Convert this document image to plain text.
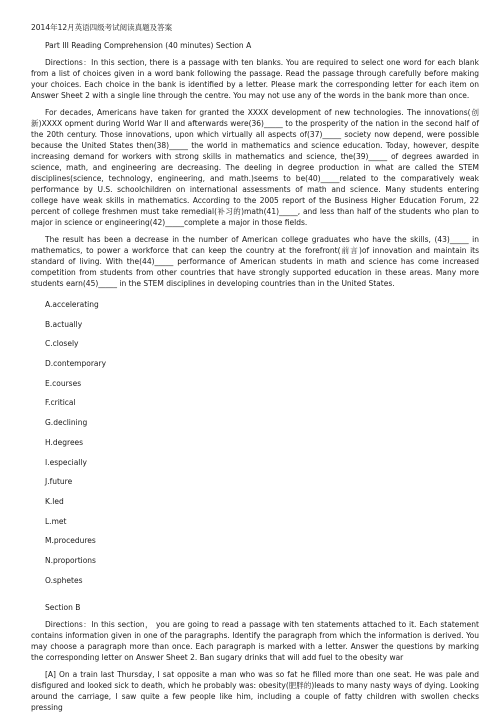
2014年12月英语四级考试阅读真题及答案

Part III Reading Comprehension (40 minutes) Section A

Directions：In this section, there is a passage with ten blanks. You are required to select one word for each blank from a list of choices given in a word bank following the passage. Read the passage through carefully before making your choices. Each choice in the bank is identified by a letter. Please mark the corresponding letter for each item on Answer Sheet 2 with a single line through the centre. You may not use any of the words in the bank more than once.

For decades, Americans have taken for granted the XXXX development of new technologies. The innovations(创新)XXXX opment during World War II and afterwards were(36)_____ to the prosperity of the nation in the second half of the 20th century. Those innovations, upon which virtually all aspects of(37)_____ society now depend, were possible because the United States then(38)_____ the world in mathematics and science education. Today, however, despite increasing demand for workers with strong skills in mathematics and science, the(39)_____ of degrees awarded in science, math, and engineering are decreasing. The deeling in degree production in what are called the STEM disciplines(science, technology, engineering, and math.)seems to be(40)_____related to the comparatively weak performance by U.S. schoolchildren on international assessments of math and science. Many students entering college have weak skills in mathematics. According to the 2005 report of the Business Higher Education Forum, 22 percent of college freshmen must take remedial(补习的)math(41)_____, and less than half of the students who plan to major in science or engineering(42)_____complete a major in those fields.

The result has been a decrease in the number of American college graduates who have the skills, (43)_____ in mathematics, to power a workforce that can keep the country at the forefront(前言)of innovation and maintain its standard of living. With the(44)_____ performance of American students in math and science has come increased competition from students from other countries that have strongly supported education in these areas. Many more students earn(45)_____ in the STEM disciplines in developing countries than in the United States.

A.accelerating
B.actually
C.closely
D.contemporary
E.courses
F.critical
G.declining
H.degrees
I.especially
J.future
K.led
L.met
M.procedures
N.proportions
O.sphetes

Section B

Directions：In this section， you are going to read a passage with ten statements attached to it. Each statement contains information given in one of the paragraphs. Identify the paragraph from which the information is derived. You may choose a paragraph more than once. Each paragraph is marked with a letter. Answer the questions by marking the corresponding letter on Answer Sheet 2. Ban sugary drinks that will add fuel to the obesity war

[A] On a train last Thursday, I sat opposite a man who was so fat he filled more than one seat. He was pale and disfigured and looked sick to death, which he probably was: obesity(肥胖的)leads to many nasty ways of dying. Looking around the carriage, I saw quite a few people like him, including a couple of fatty children with swollen checks pressing
